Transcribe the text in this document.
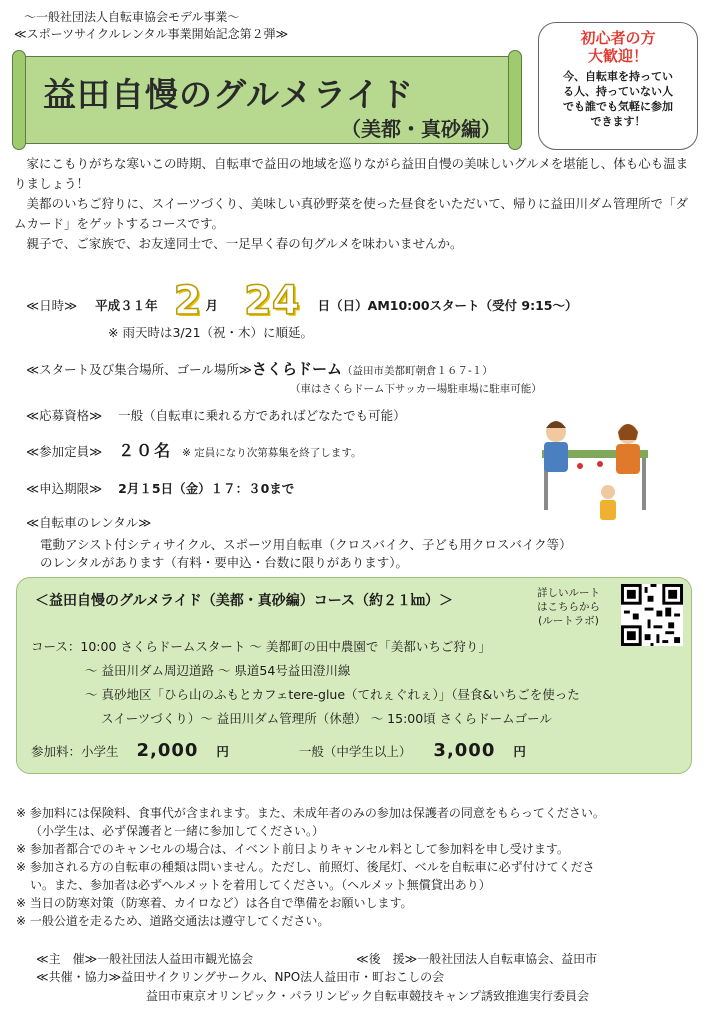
〜一般社団法人自転車協会モデル事業〜
≪スポーツサイクルレンタル事業開始記念第２弾≫
益田自慢のグルメライド
（美都・真砂編）
初心者の方
大歓迎！
今、自転車を持ってい
る人、持っていない人
でも誰でも気軽に参加
できます！

家にこもりがちな寒いこの時期、自転車で益田の地域を巡りながら益田自慢の美味しいグルメを堪能し、体も心も温まりましょう！

美都のいちご狩りに、スイーツづくり、美味しい真砂野菜を使った昼食をいただいて、帰りに益田川ダム管理所で「ダムカード」をゲットするコースです。

親子で、ご家族で、お友達同士で、一足早く春の旬グルメを味わいませんか。

≪日時≫ 平成３１年 2 月 24 日（日）AM10:00スタート（受付 9:15〜）
※ 雨天時は3/21（祝・木）に順延。
≪スタート及び集合場所、ゴール場所≫さくらドーム（益田市美都町朝倉１６７-１）
（車はさくらドーム下サッカー場駐車場に駐車可能）
≪応募資格≫ 一般（自転車に乗れる方であればどなたでも可能）
≪参加定員≫ ２０名 ※ 定員になり次第募集を終了します。
≪申込期限≫ 2月１5日（金）１７：３0まで
≪自転車のレンタル≫
電動アシスト付シティサイクル、スポーツ用自転車（クロスバイク、子ども用クロスバイク等）
のレンタルがあります（有料・要申込・台数に限りがあります）。
＜益田自慢のグルメライド（美都・真砂編）コース（約２１㎞）＞	詳しいルート
はこちらから
(ルートラボ)
コース：10:00 さくらドームスタート 〜 美都町の田中農園で「美都いちご狩り」
〜 益田川ダム周辺道路 〜 県道54号益田澄川線
〜 真砂地区「ひら山のふもとカフェtere-glue（てれぇぐれぇ）」（昼食&いちごを使った
スイーツづくり）〜 益田川ダム管理所（休憩） 〜 15:00頃 さくらドームゴール
参加料：小学生 2,000 円	一般（中学生以上） 3,000 円
※ 参加料には保険料、食事代が含まれます。また、未成年者のみの参加は保護者の同意をもらってください。
（小学生は、必ず保護者と一緒に参加してください。）
※ 参加者都合でのキャンセルの場合は、イベント前日よりキャンセル料として参加料を申し受けます。
※ 参加される方の自転車の種類は問いません。ただし、前照灯、後尾灯、ベルを自転車に必ず付けてくださ
い。また、参加者は必ずヘルメットを着用してください。（ヘルメット無償貸出あり）
※ 当日の防寒対策（防寒着、カイロなど）は各自で準備をお願いします。
※ 一般公道を走るため、道路交通法は遵守してください。
≪主　催≫一般社団法人益田市観光協会	≪後　援≫一般社団法人自転車協会、益田市
≪共催・協力≫益田サイクリングサークル、NPO法人益田市・町おこしの会
益田市東京オリンピック・パラリンピック自転車競技キャンプ誘致推進実行委員会
